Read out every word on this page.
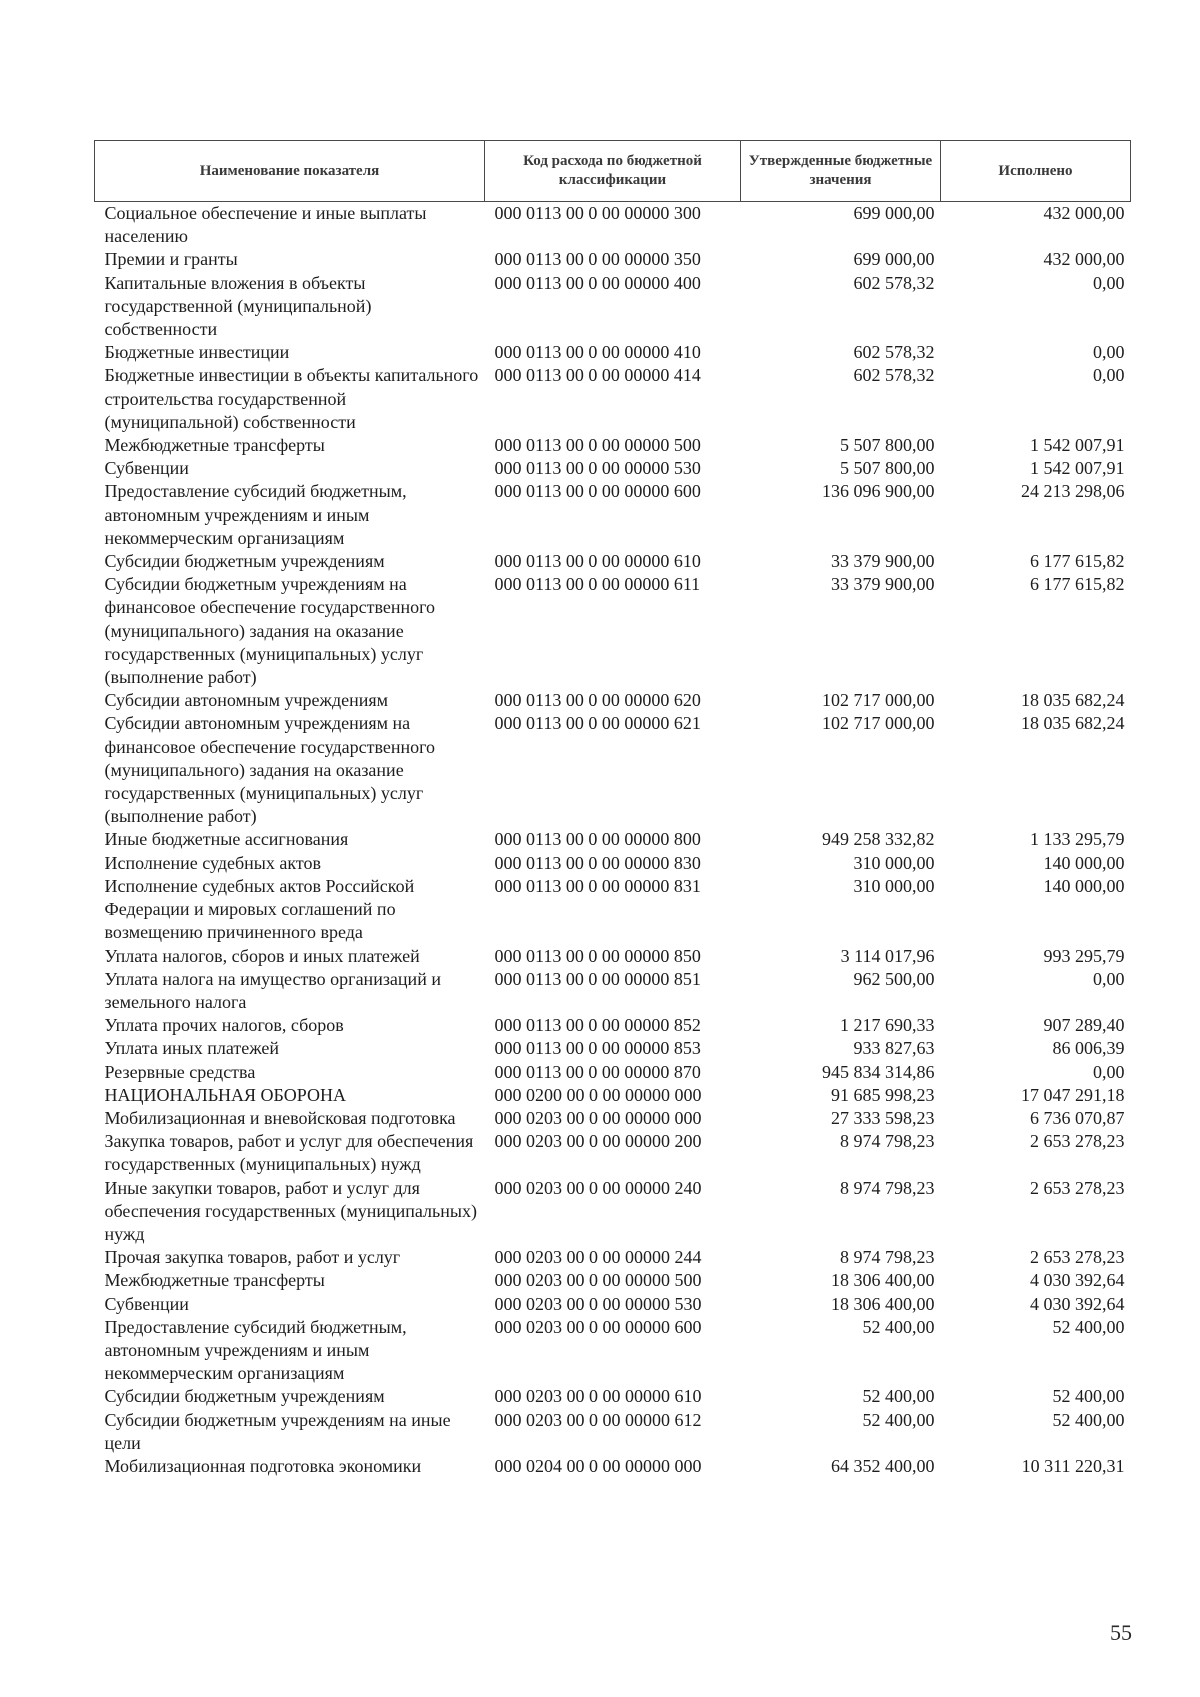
Наименование показателя	Код расхода по бюджетной классификации	Утвержденные бюджетные значения	Исполнено
Социальное обеспечение и иные выплаты населению	000 0113 00 0 00 00000 300	699 000,00	432 000,00
Премии и гранты	000 0113 00 0 00 00000 350	699 000,00	432 000,00
Капитальные вложения в объекты государственной (муниципальной) собственности	000 0113 00 0 00 00000 400	602 578,32	0,00
Бюджетные инвестиции	000 0113 00 0 00 00000 410	602 578,32	0,00
Бюджетные инвестиции в объекты капитального строительства государственной (муниципальной) собственности	000 0113 00 0 00 00000 414	602 578,32	0,00
Межбюджетные трансферты	000 0113 00 0 00 00000 500	5 507 800,00	1 542 007,91
Субвенции	000 0113 00 0 00 00000 530	5 507 800,00	1 542 007,91
Предоставление субсидий бюджетным, автономным учреждениям и иным некоммерческим организациям	000 0113 00 0 00 00000 600	136 096 900,00	24 213 298,06
Субсидии бюджетным учреждениям	000 0113 00 0 00 00000 610	33 379 900,00	6 177 615,82
Субсидии бюджетным учреждениям на финансовое обеспечение государственного (муниципального) задания на оказание государственных (муниципальных) услуг (выполнение работ)	000 0113 00 0 00 00000 611	33 379 900,00	6 177 615,82
Субсидии автономным учреждениям	000 0113 00 0 00 00000 620	102 717 000,00	18 035 682,24
Субсидии автономным учреждениям на финансовое обеспечение государственного (муниципального) задания на оказание государственных (муниципальных) услуг (выполнение работ)	000 0113 00 0 00 00000 621	102 717 000,00	18 035 682,24
Иные бюджетные ассигнования	000 0113 00 0 00 00000 800	949 258 332,82	1 133 295,79
Исполнение судебных актов	000 0113 00 0 00 00000 830	310 000,00	140 000,00
Исполнение судебных актов Российской Федерации и мировых соглашений по возмещению причиненного вреда	000 0113 00 0 00 00000 831	310 000,00	140 000,00
Уплата налогов, сборов и иных платежей	000 0113 00 0 00 00000 850	3 114 017,96	993 295,79
Уплата налога на имущество организаций и земельного налога	000 0113 00 0 00 00000 851	962 500,00	0,00
Уплата прочих налогов, сборов	000 0113 00 0 00 00000 852	1 217 690,33	907 289,40
Уплата иных платежей	000 0113 00 0 00 00000 853	933 827,63	86 006,39
Резервные средства	000 0113 00 0 00 00000 870	945 834 314,86	0,00
НАЦИОНАЛЬНАЯ ОБОРОНА	000 0200 00 0 00 00000 000	91 685 998,23	17 047 291,18
Мобилизационная и вневойсковая подготовка	000 0203 00 0 00 00000 000	27 333 598,23	6 736 070,87
Закупка товаров, работ и услуг для обеспечения государственных (муниципальных) нужд	000 0203 00 0 00 00000 200	8 974 798,23	2 653 278,23
Иные закупки товаров, работ и услуг для обеспечения государственных (муниципальных) нужд	000 0203 00 0 00 00000 240	8 974 798,23	2 653 278,23
Прочая закупка товаров, работ и услуг	000 0203 00 0 00 00000 244	8 974 798,23	2 653 278,23
Межбюджетные трансферты	000 0203 00 0 00 00000 500	18 306 400,00	4 030 392,64
Субвенции	000 0203 00 0 00 00000 530	18 306 400,00	4 030 392,64
Предоставление субсидий бюджетным, автономным учреждениям и иным некоммерческим организациям	000 0203 00 0 00 00000 600	52 400,00	52 400,00
Субсидии бюджетным учреждениям	000 0203 00 0 00 00000 610	52 400,00	52 400,00
Субсидии бюджетным учреждениям на иные цели	000 0203 00 0 00 00000 612	52 400,00	52 400,00
Мобилизационная подготовка экономики	000 0204 00 0 00 00000 000	64 352 400,00	10 311 220,31
55
